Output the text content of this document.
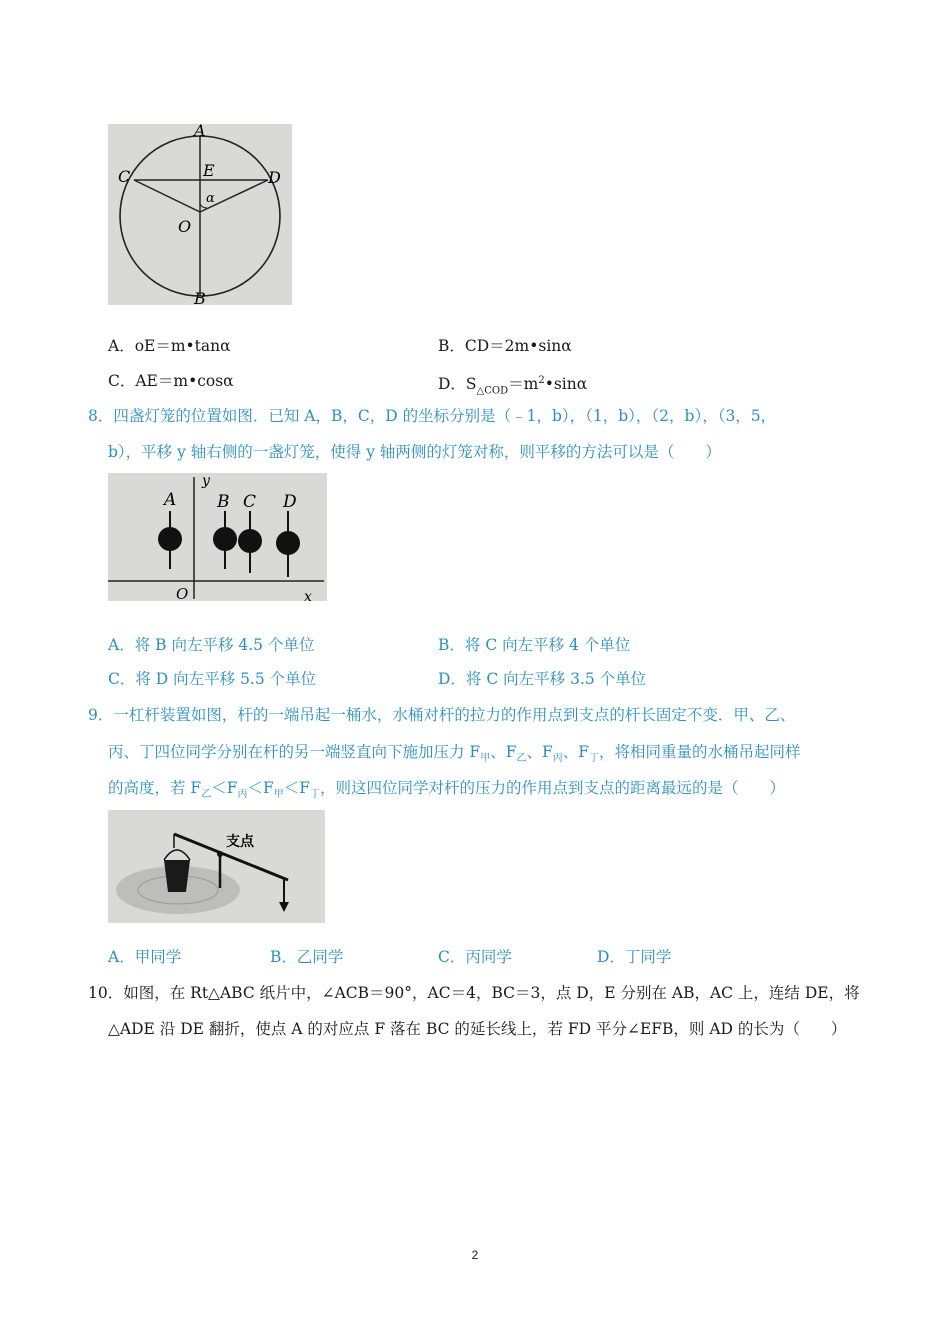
A
B
C	D
E
O
α
A．oE＝m•tanα	B．CD＝2m•sinα
C．AE＝m•cosα	D．$S_{\triangle COD}=m^2•\sin\alpha$
8．四盏灯笼的位置如图．已知 A，B，C，D 的坐标分别是（﹣1，b），（1，b），（2，b），（3，5，
b），平移 y 轴右侧的一盏灯笼，使得 y 轴两侧的灯笼对称，则平移的方法可以是（　　）
A B C D
y
O	x
A．将 B 向左平移 4.5 个单位	B．将 C 向左平移 4 个单位
C．将 D 向左平移 5.5 个单位	D．将 C 向左平移 3.5 个单位
9．一杠杆装置如图，杆的一端吊起一桶水，水桶对杆的拉力的作用点到支点的杆长固定不变．甲、乙、
丙、丁四位同学分别在杆的另一端竖直向下施加压力 $F_甲$、$F_乙$、$F_丙$、$F_丁$，将相同重量的水桶吊起同样
的高度，若 $F_乙<F_丙<F_甲<F_丁$，则这四位同学对杆的压力的作用点到支点的距离最远的是（　　）
支点
A．甲同学	B．乙同学	C．丙同学	D．丁同学
10．如图，在 Rt△ABC 纸片中，∠ACB＝90°，AC＝4，BC＝3，点 D，E 分别在 AB，AC 上，连结 DE，将
△ADE 沿 DE 翻折，使点 A 的对应点 F 落在 BC 的延长线上，若 FD 平分∠EFB，则 AD 的长为（　　）
2
